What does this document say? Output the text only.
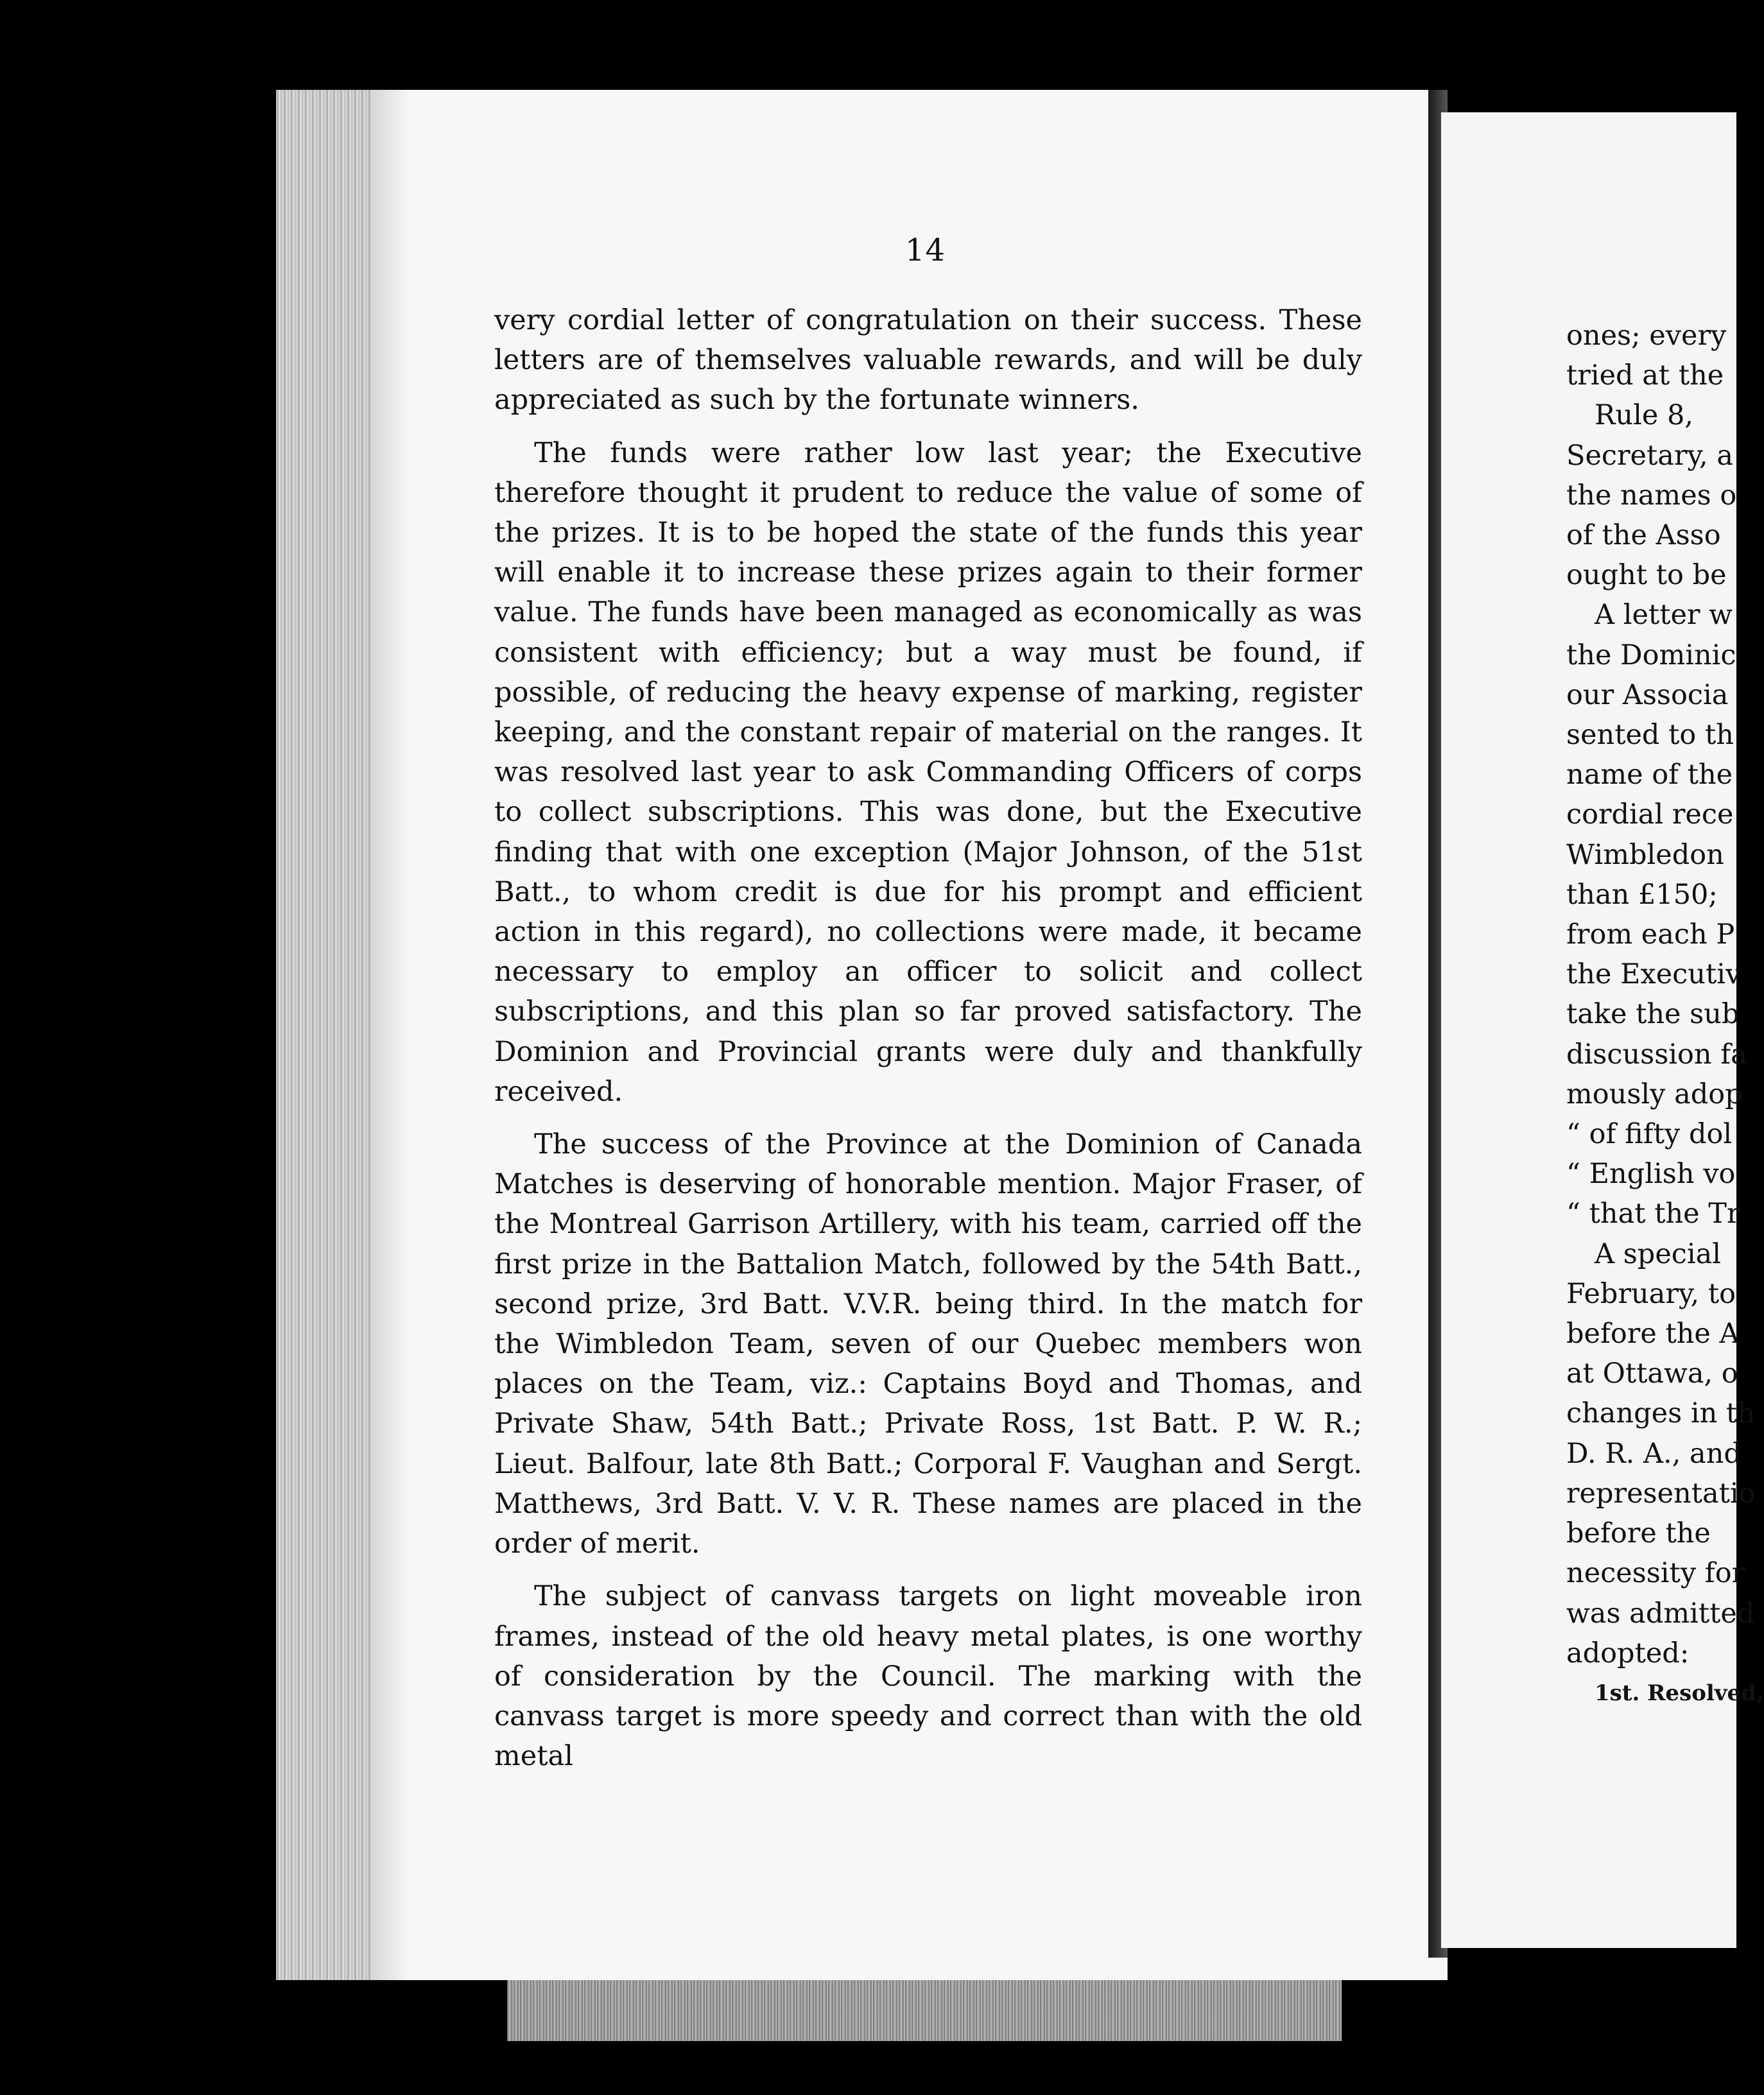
14

very cordial letter of congratulation on their success. These letters are of themselves valuable rewards, and will be duly appreciated as such by the fortunate winners.

The funds were rather low last year; the Executive therefore thought it prudent to reduce the value of some of the prizes. It is to be hoped the state of the funds this year will enable it to increase these prizes again to their former value. The funds have been managed as economically as was consistent with efficiency; but a way must be found, if possible, of reducing the heavy expense of marking, register keeping, and the constant repair of material on the ranges. It was resolved last year to ask Commanding Officers of corps to collect subscriptions. This was done, but the Executive finding that with one exception (Major Johnson, of the 51st Batt., to whom credit is due for his prompt and efficient action in this regard), no collections were made, it became necessary to employ an officer to solicit and collect subscriptions, and this plan so far proved satisfactory. The Dominion and Provincial grants were duly and thankfully received.

The success of the Province at the Dominion of Canada Matches is deserving of honorable mention. Major Fraser, of the Montreal Garrison Artillery, with his team, carried off the first prize in the Battalion Match, followed by the 54th Batt., second prize, 3rd Batt. V.V.R. being third. In the match for the Wimbledon Team, seven of our Quebec members won places on the Team, viz.: Captains Boyd and Thomas, and Private Shaw, 54th Batt.; Private Ross, 1st Batt. P. W. R.; Lieut. Balfour, late 8th Batt.; Corporal F. Vaughan and Sergt. Matthews, 3rd Batt. V. V. R. These names are placed in the order of merit.

The subject of canvass targets on light moveable iron frames, instead of the old heavy metal plates, is one worthy of consideration by the Council. The marking with the canvass target is more speedy and correct than with the old metal

ones; every
tried at the
Rule 8,
Secretary, a
the names o
of the Asso
ought to be
A letter w
the Dominic
our Associa
sented to th
name of the
cordial rece
Wimbledon
than £150;
from each P
the Executiv
take the sub
discussion fa
mously adop
“ of fifty dol
“ English vo
“ that the Tr
A special
February, to
before the A
at Ottawa, o
changes in th
D. R. A., and
representatio
before the
necessity for
was admitted
adopted:
1st. Resolved,
